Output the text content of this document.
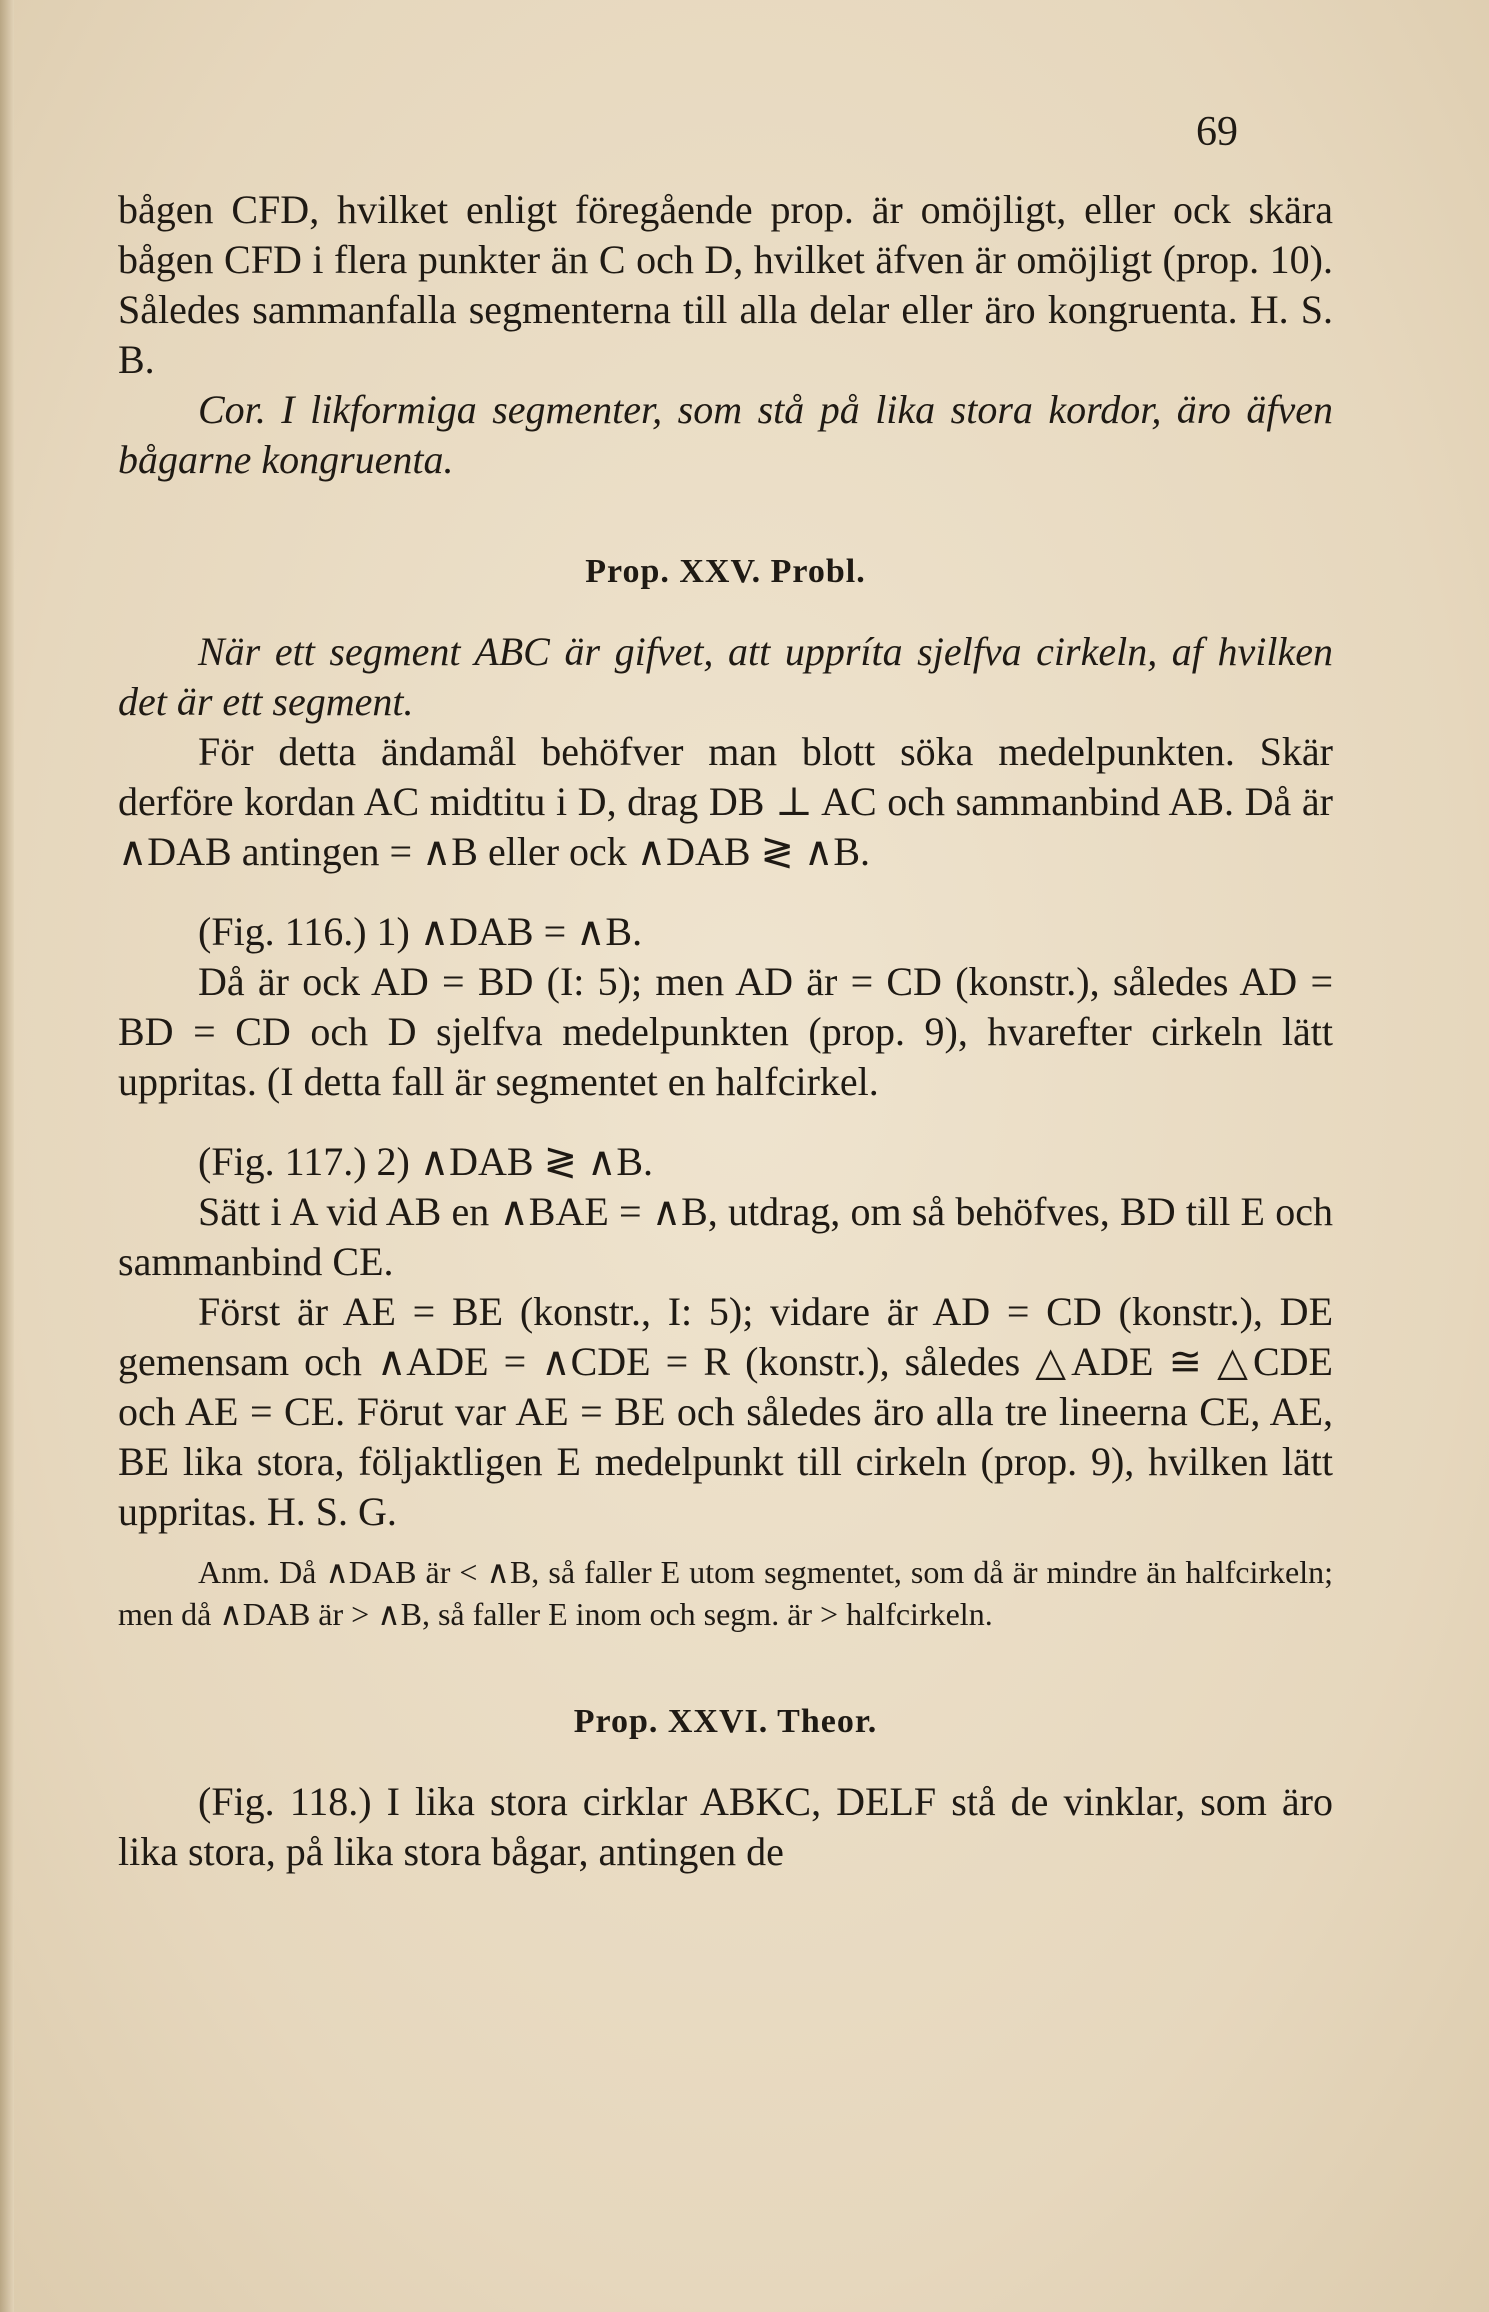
69

bågen CFD, hvilket enligt föregående prop. är omöjligt, eller ock skära bågen CFD i flera punkter än C och D, hvilket äfven är omöjligt (prop. 10). Således sammanfalla segmenterna till alla delar eller äro kongruenta. H. S. B.

Cor. I likformiga segmenter, som stå på lika stora kordor, äro äfven bågarne kongruenta.

Prop. XXV. Probl.

När ett segment ABC är gifvet, att uppríta sjelfva cirkeln, af hvilken det är ett segment.

För detta ändamål behöfver man blott söka medelpunkten. Skär derföre kordan AC midtitu i D, drag DB ⊥ AC och sammanbind AB. Då är ∧DAB antingen = ∧B eller ock ∧DAB ≷ ∧B.

(Fig. 116.) 1) ∧DAB = ∧B.

Då är ock AD = BD (I: 5); men AD är = CD (konstr.), således AD = BD = CD och D sjelfva medelpunkten (prop. 9), hvarefter cirkeln lätt uppritas. (I detta fall är segmentet en halfcirkel.

(Fig. 117.) 2) ∧DAB ≷ ∧B.

Sätt i A vid AB en ∧BAE = ∧B, utdrag, om så behöfves, BD till E och sammanbind CE.

Först är AE = BE (konstr., I: 5); vidare är AD = CD (konstr.), DE gemensam och ∧ADE = ∧CDE = R (konstr.), således △ADE ≅ △CDE och AE = CE. Förut var AE = BE och således äro alla tre lineerna CE, AE, BE lika stora, följaktligen E medelpunkt till cirkeln (prop. 9), hvilken lätt uppritas. H. S. G.

Anm. Då ∧DAB är < ∧B, så faller E utom segmentet, som då är mindre än halfcirkeln; men då ∧DAB är > ∧B, så faller E inom och segm. är > halfcirkeln.

Prop. XXVI. Theor.

(Fig. 118.) I lika stora cirklar ABKC, DELF stå de vinklar, som äro lika stora, på lika stora bågar, antingen de
